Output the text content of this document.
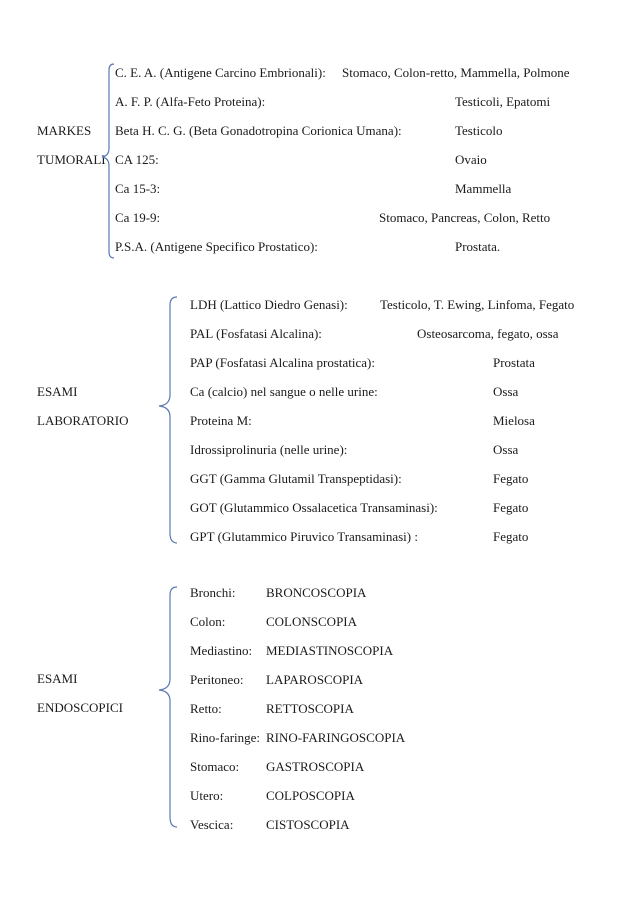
MARKES
TUMORALI
C. E. A. (Antigene Carcino Embrionali): Stomaco, Colon-retto, Mammella, Polmone
A. F. P. (Alfa-Feto Proteina):	Testicoli, Epatomi
Beta H. C. G. (Beta Gonadotropina Corionica Umana):	Testicolo
CA 125:	Ovaio
Ca 15-3:	Mammella
Ca 19-9:	Stomaco, Pancreas, Colon, Retto
P.S.A. (Antigene Specifico Prostatico):	Prostata.
ESAMI
LABORATORIO
LDH (Lattico Diedro Genasi): Testicolo, T. Ewing, Linfoma, Fegato
PAL (Fosfatasi Alcalina):	Osteosarcoma, fegato, ossa
PAP (Fosfatasi Alcalina prostatica):	Prostata
Ca (calcio) nel sangue o nelle urine:	Ossa
Proteina M:	Mielosa
Idrossiprolinuria (nelle urine):	Ossa
GGT (Gamma Glutamil Transpeptidasi):	Fegato
GOT (Glutammico Ossalacetica Transaminasi):	Fegato
GPT (Glutammico Piruvico Transaminasi) :	Fegato
ESAMI
ENDOSCOPICI
Bronchi: BRONCOSCOPIA
Colon:	COLONSCOPIA
Mediastino: MEDIASTINOSCOPIA
Peritoneo: LAPAROSCOPIA
Retto:	RETTOSCOPIA
Rino-faringe: RINO-FARINGOSCOPIA
Stomaco: GASTROSCOPIA
Utero:	COLPOSCOPIA
Vescica:	CISTOSCOPIA
